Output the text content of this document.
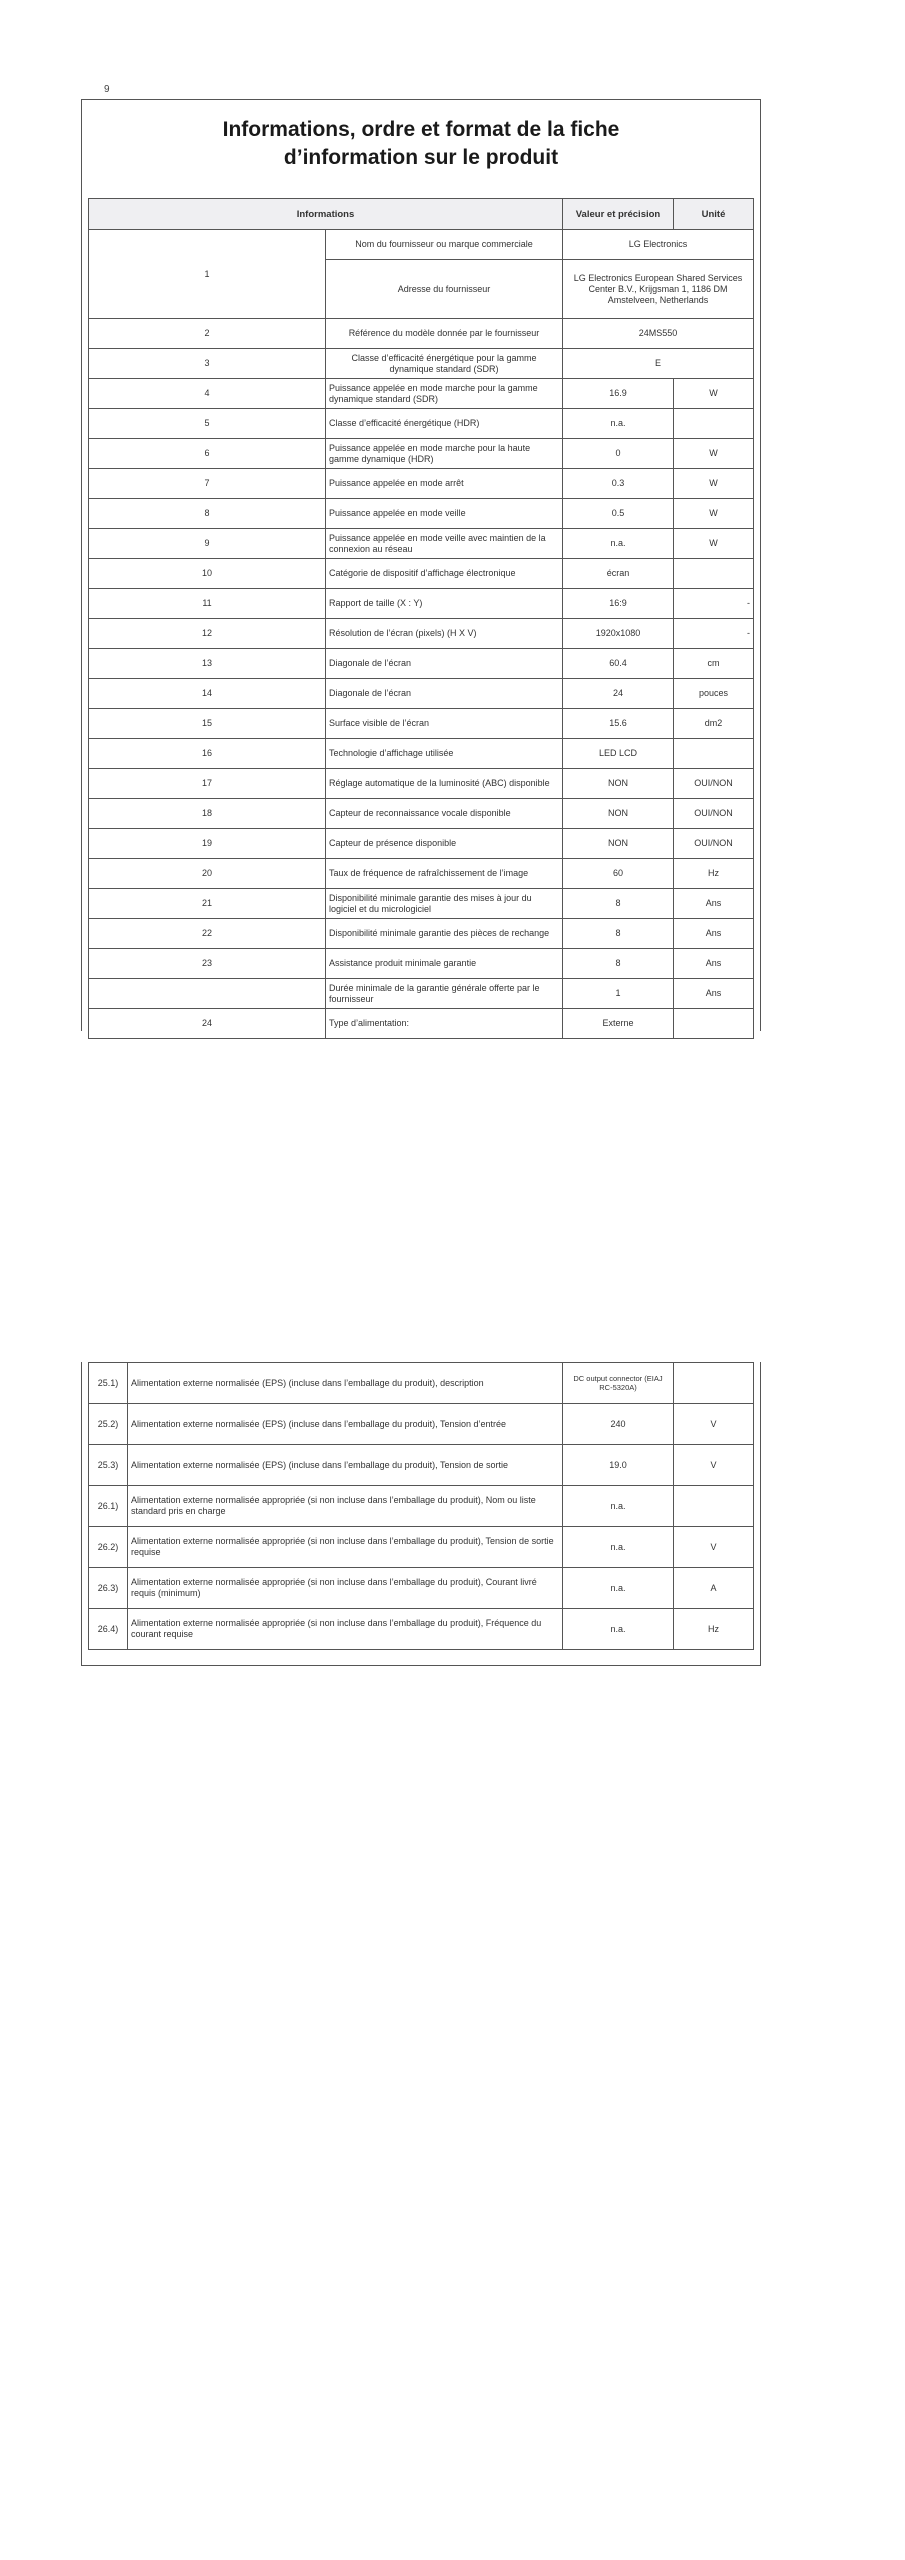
9
Informations, ordre et format de la fiche
d’information sur le produit
Informations		Valeur et précision	Unité
1	Nom du fournisseur ou marque commerciale	LG Electronics	
	Adresse du fournisseur	LG Electronics European Shared Services Center B.V., Krijgsman 1, 1186 DM Amstelveen, Netherlands	
2	Référence du modèle donnée par le fournisseur	24MS550	
3	Classe d’efficacité énergétique pour la gamme dynamique standard (SDR)	E	
4	Puissance appelée en mode marche pour la gamme dynamique standard (SDR)	16.9	W
5	Classe d’efficacité énergétique (HDR)	n.a.	
6	Puissance appelée en mode marche pour la haute gamme dynamique (HDR)	0	W
7	Puissance appelée en mode arrêt	0.3	W
8	Puissance appelée en mode veille	0.5	W
9	Puissance appelée en mode veille avec maintien de la connexion au réseau	n.a.	W
10	Catégorie de dispositif d’affichage électronique	écran	
11	Rapport de taille (X : Y)	16:9	-
12	Résolution de l’écran (pixels) (H X V)	1920x1080	-
13	Diagonale de l’écran	60.4	cm
14	Diagonale de l’écran	24	pouces
15	Surface visible de l’écran	15.6	dm2
16	Technologie d’affichage utilisée	LED LCD	
17	Réglage automatique de la luminosité (ABC) disponible	NON	OUI/NON
18	Capteur de reconnaissance vocale disponible	NON	OUI/NON
19	Capteur de présence disponible	NON	OUI/NON
20	Taux de fréquence de rafraîchissement de l’image	60	Hz
21	Disponibilité minimale garantie des mises à jour du logiciel et du micrologiciel	8	Ans
22	Disponibilité minimale garantie des pièces de rechange	8	Ans
23	Assistance produit minimale garantie	8	Ans
	Durée minimale de la garantie générale offerte par le fournisseur	1	Ans
24	Type d’alimentation:	Externe	
25.1)	Alimentation externe normalisée (EPS) (incluse dans l’emballage du produit), description	DC output connector (EIAJ RC-5320A)	
25.2)	Alimentation externe normalisée (EPS) (incluse dans l’emballage du produit), Tension d’entrée	240	V
25.3)	Alimentation externe normalisée (EPS) (incluse dans l’emballage du produit), Tension de sortie	19.0	V
26.1)	Alimentation externe normalisée appropriée (si non incluse dans l’emballage du produit), Nom ou liste standard pris en charge	n.a.	
26.2)	Alimentation externe normalisée appropriée (si non incluse dans l’emballage du produit), Tension de sortie requise	n.a.	V
26.3)	Alimentation externe normalisée appropriée (si non incluse dans l’emballage du produit), Courant livré requis (minimum)	n.a.	A
26.4)	Alimentation externe normalisée appropriée (si non incluse dans l’emballage du produit), Fréquence du courant requise	n.a.	Hz
